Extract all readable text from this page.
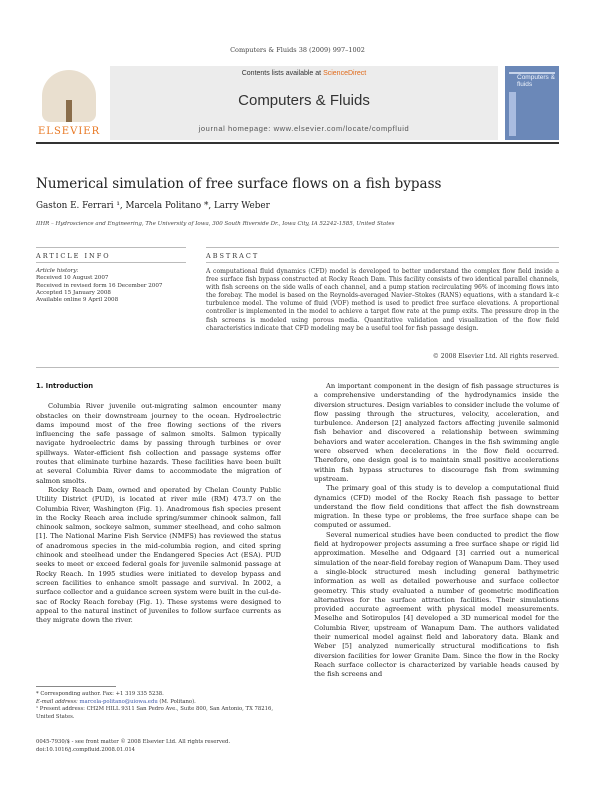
Computers & Fluids 38 (2009) 997–1002
ELSEVIER
Contents lists available at ScienceDirect
Computers & Fluids
journal homepage: www.elsevier.com/locate/compfluid
Computers & fluids
Numerical simulation of free surface flows on a fish bypass
Gaston E. Ferrari ¹, Marcela Politano *, Larry Weber
IIHR – Hydroscience and Engineering, The University of Iowa, 300 South Riverside Dr., Iowa City, IA 52242-1585, United States
ARTICLE INFO	ABSTRACT
Article history:
Received 10 August 2007
Received in revised form 16 December 2007
Accepted 15 January 2008
Available online 9 April 2008
A computational fluid dynamics (CFD) model is developed to better understand the complex flow field inside a free surface fish bypass constructed at Rocky Reach Dam. This facility consists of two identical parallel channels, with fish screens on the side walls of each channel, and a pump station recirculating 96% of incoming flows into the forebay. The model is based on the Reynolds-averaged Navier–Stokes (RANS) equations, with a standard k–ε turbulence model. The volume of fluid (VOF) method is used to predict free surface elevations. A proportional controller is implemented in the model to achieve a target flow rate at the pump exits. The pressure drop in the fish screens is modeled using porous media. Quantitative validation and visualization of the flow field characteristics indicate that CFD modeling may be a useful tool for fish passage design.
© 2008 Elsevier Ltd. All rights reserved.
1. Introduction

Columbia River juvenile out-migrating salmon encounter many obstacles on their downstream journey to the ocean. Hydroelectric dams impound most of the free flowing sections of the rivers influencing the safe passage of salmon smolts. Salmon typically navigate hydroelectric dams by passing through turbines or over spillways. Water-efficient fish collection and passage systems offer routes that eliminate turbine hazards. These facilities have been built at several Columbia River dams to accommodate the migration of salmon smolts.

Rocky Reach Dam, owned and operated by Chelan County Public Utility District (PUD), is located at river mile (RM) 473.7 on the Columbia River, Washington (Fig. 1). Anadromous fish species present in the Rocky Reach area include spring/summer chinook salmon, fall chinook salmon, sockeye salmon, summer steelhead, and coho salmon [1]. The National Marine Fish Service (NMFS) has reviewed the status of anadromous species in the mid-columbia region, and cited spring chinook and steelhead under the Endangered Species Act (ESA). PUD seeks to meet or exceed federal goals for juvenile salmonid passage at Rocky Reach. In 1995 studies were initiated to develop bypass and screen facilities to enhance smolt passage and survival. In 2002, a surface collector and a guidance screen system were built in the cul-de-sac of Rocky Reach forebay (Fig. 1). These systems were designed to appeal to the natural instinct of juveniles to follow surface currents as they migrate down the river.

An important component in the design of fish passage structures is a comprehensive understanding of the hydrodynamics inside the diversion structures. Design variables to consider include the volume of flow passing through the structures, velocity, acceleration, and turbulence. Anderson [2] analyzed factors affecting juvenile salmonid fish behavior and discovered a relationship between swimming behaviors and water acceleration. Changes in the fish swimming angle were observed when decelerations in the flow field occurred. Therefore, one design goal is to maintain small positive accelerations within fish bypass structures to discourage fish from swimming upstream.

The primary goal of this study is to develop a computational fluid dynamics (CFD) model of the Rocky Reach fish passage to better understand the flow field conditions that affect the fish downstream migration. In these type or problems, the free surface shape can be computed or assumed.

Several numerical studies have been conducted to predict the flow field at hydropower projects assuming a free surface shape or rigid lid approximation. Meselhe and Odgaard [3] carried out a numerical simulation of the near-field forebay region of Wanapum Dam. They used a single-block structured mesh including general bathymetric information as well as detailed powerhouse and surface collector geometry. This study evaluated a number of geometric modification alternatives for the surface attraction facilities. Their simulations provided accurate agreement with physical model measurements. Meselhe and Sotiropulos [4] developed a 3D numerical model for the Columbia River, upstream of Wanapum Dam. The authors validated their numerical model against field and laboratory data. Blank and Weber [5] analyzed numerically structural modifications to fish diversion facilities for lower Granite Dam. Since the flow in the Rocky Reach surface collector is characterized by variable heads caused by the fish screens and

* Corresponding author. Fax: +1 319 335 5238.
E-mail address: marcela-politano@uiowa.edu (M. Politano).
¹ Present address: CH2M HILL 9311 San Pedro Ave., Suite 800, San Antonio, TX 78216, United States.
0045-7930/$ - see front matter © 2008 Elsevier Ltd. All rights reserved.
doi:10.1016/j.compfluid.2008.01.014
